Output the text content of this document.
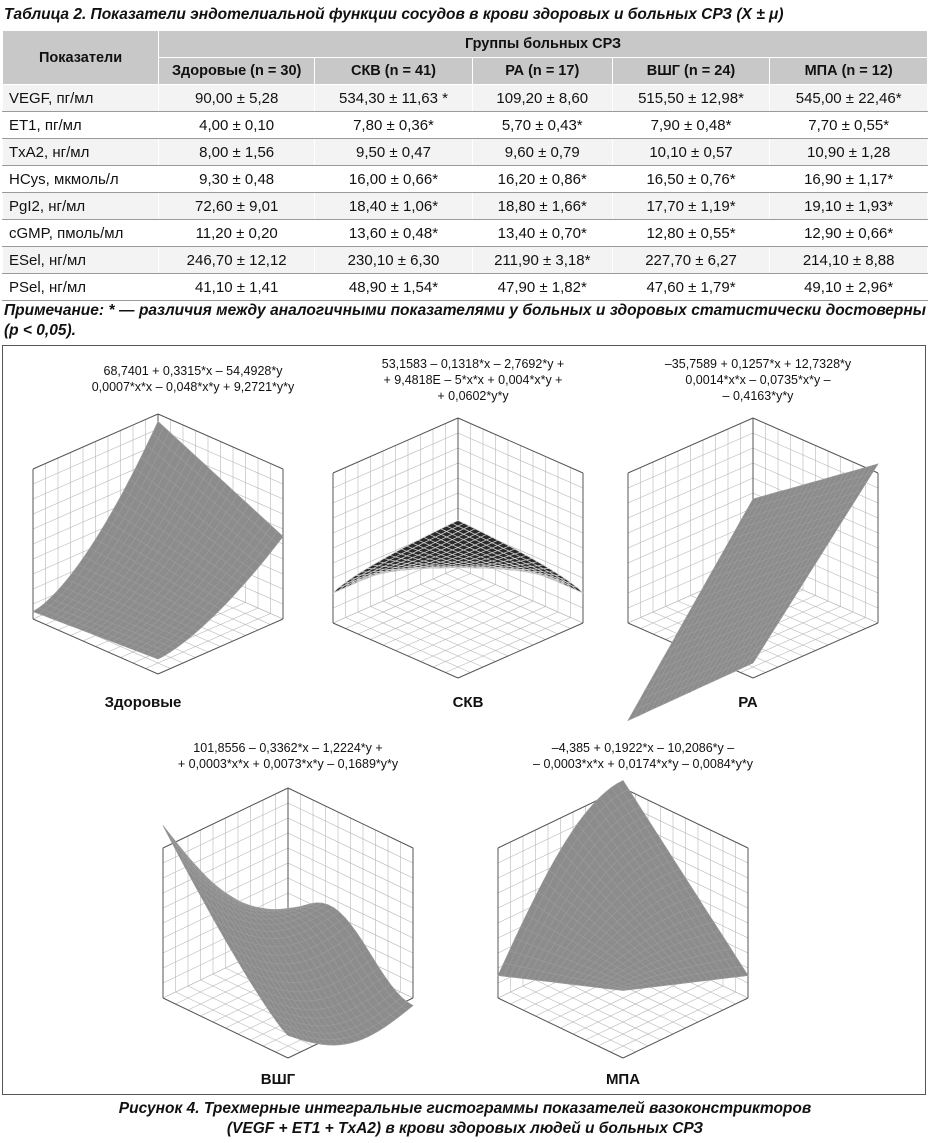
Таблица 2. Показатели эндотелиальной функции сосудов в крови здоровых и больных СРЗ (X ± μ)
Показатели	Группы больных СРЗ				
	Здоровые (n = 30)	СКВ (n = 41)	РА (n = 17)	ВШГ (n = 24)	МПА (n = 12)
VEGF, пг/мл	90,00 ± 5,28	534,30 ± 11,63 *	109,20 ± 8,60	515,50 ± 12,98*	545,00 ± 22,46*
ET1, пг/мл	4,00 ± 0,10	7,80 ± 0,36*	5,70 ± 0,43*	7,90 ± 0,48*	7,70 ± 0,55*
TxA2, нг/мл	8,00 ± 1,56	9,50 ± 0,47	9,60 ± 0,79	10,10 ± 0,57	10,90 ± 1,28
HCys, мкмоль/л	9,30 ± 0,48	16,00 ± 0,66*	16,20 ± 0,86*	16,50 ± 0,76*	16,90 ± 1,17*
PgI2, нг/мл	72,60 ± 9,01	18,40 ± 1,06*	18,80 ± 1,66*	17,70 ± 1,19*	19,10 ± 1,93*
cGMP, пмоль/мл	11,20 ± 0,20	13,60 ± 0,48*	13,40 ± 0,70*	12,80 ± 0,55*	12,90 ± 0,66*
ESel, нг/мл	246,70 ± 12,12	230,10 ± 6,30	211,90 ± 3,18*	227,70 ± 6,27	214,10 ± 8,88
PSel, нг/мл	41,10 ± 1,41	48,90 ± 1,54*	47,90 ± 1,82*	47,60 ± 1,79*	49,10 ± 2,96*
Примечание: * — различия между аналогичными показателями у больных и здоровых статистически достоверны (p < 0,05).
68,7401 + 0,3315*x – 54,4928*y
0,0007*x*x – 0,048*x*y + 9,2721*y*y
Здоровые
53,1583 – 0,1318*x – 2,7692*y +
+ 9,4818E – 5*x*x + 0,004*x*y +
+ 0,0602*y*y
СКВ
–35,7589 + 0,1257*x + 12,7328*y
0,0014*x*x – 0,0735*x*y –
– 0,4163*y*y
РА
101,8556 – 0,3362*x – 1,2224*y +
+ 0,0003*x*x + 0,0073*x*y – 0,1689*y*y
ВШГ
–4,385 + 0,1922*x – 10,2086*y –
– 0,0003*x*x + 0,0174*x*y – 0,0084*y*y
МПА
Рисунок 4. Трехмерные интегральные гистограммы показателей вазоконстрикторов
(VEGF + ET1 + TxA2) в крови здоровых людей и больных СРЗ
